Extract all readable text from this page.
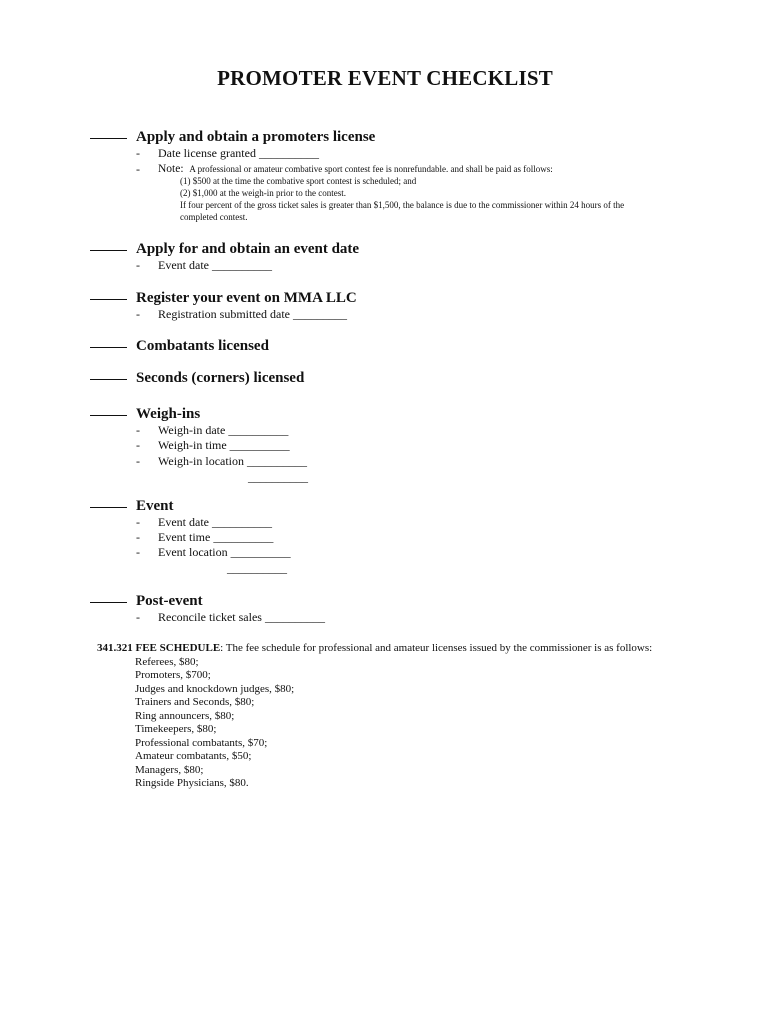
PROMOTER EVENT CHECKLIST
Apply and obtain a promoters license
- Date license granted __________
- Note: A professional or amateur combative sport contest fee is nonrefundable. and shall be paid as follows:
(1) $500 at the time the combative sport contest is scheduled; and
(2) $1,000 at the weigh-in prior to the contest.
If four percent of the gross ticket sales is greater than $1,500, the balance is due to the commissioner within 24 hours of the
completed contest.
Apply for and obtain an event date
- Event date __________
Register your event on MMA LLC
- Registration submitted date _________
Combatants licensed
Seconds (corners) licensed
Weigh-ins
- Weigh-in date __________
- Weigh-in time __________
- Weigh-in location __________
__________
Event
- Event date __________
- Event time __________
- Event location __________
__________
Post-event
- Reconcile ticket sales __________
341.321 FEE SCHEDULE: The fee schedule for professional and amateur licenses issued by the commissioner is as follows:
Referees, $80;
Promoters, $700;
Judges and knockdown judges, $80;
Trainers and Seconds, $80;
Ring announcers, $80;
Timekeepers, $80;
Professional combatants, $70;
Amateur combatants, $50;
Managers, $80;
Ringside Physicians, $80.
